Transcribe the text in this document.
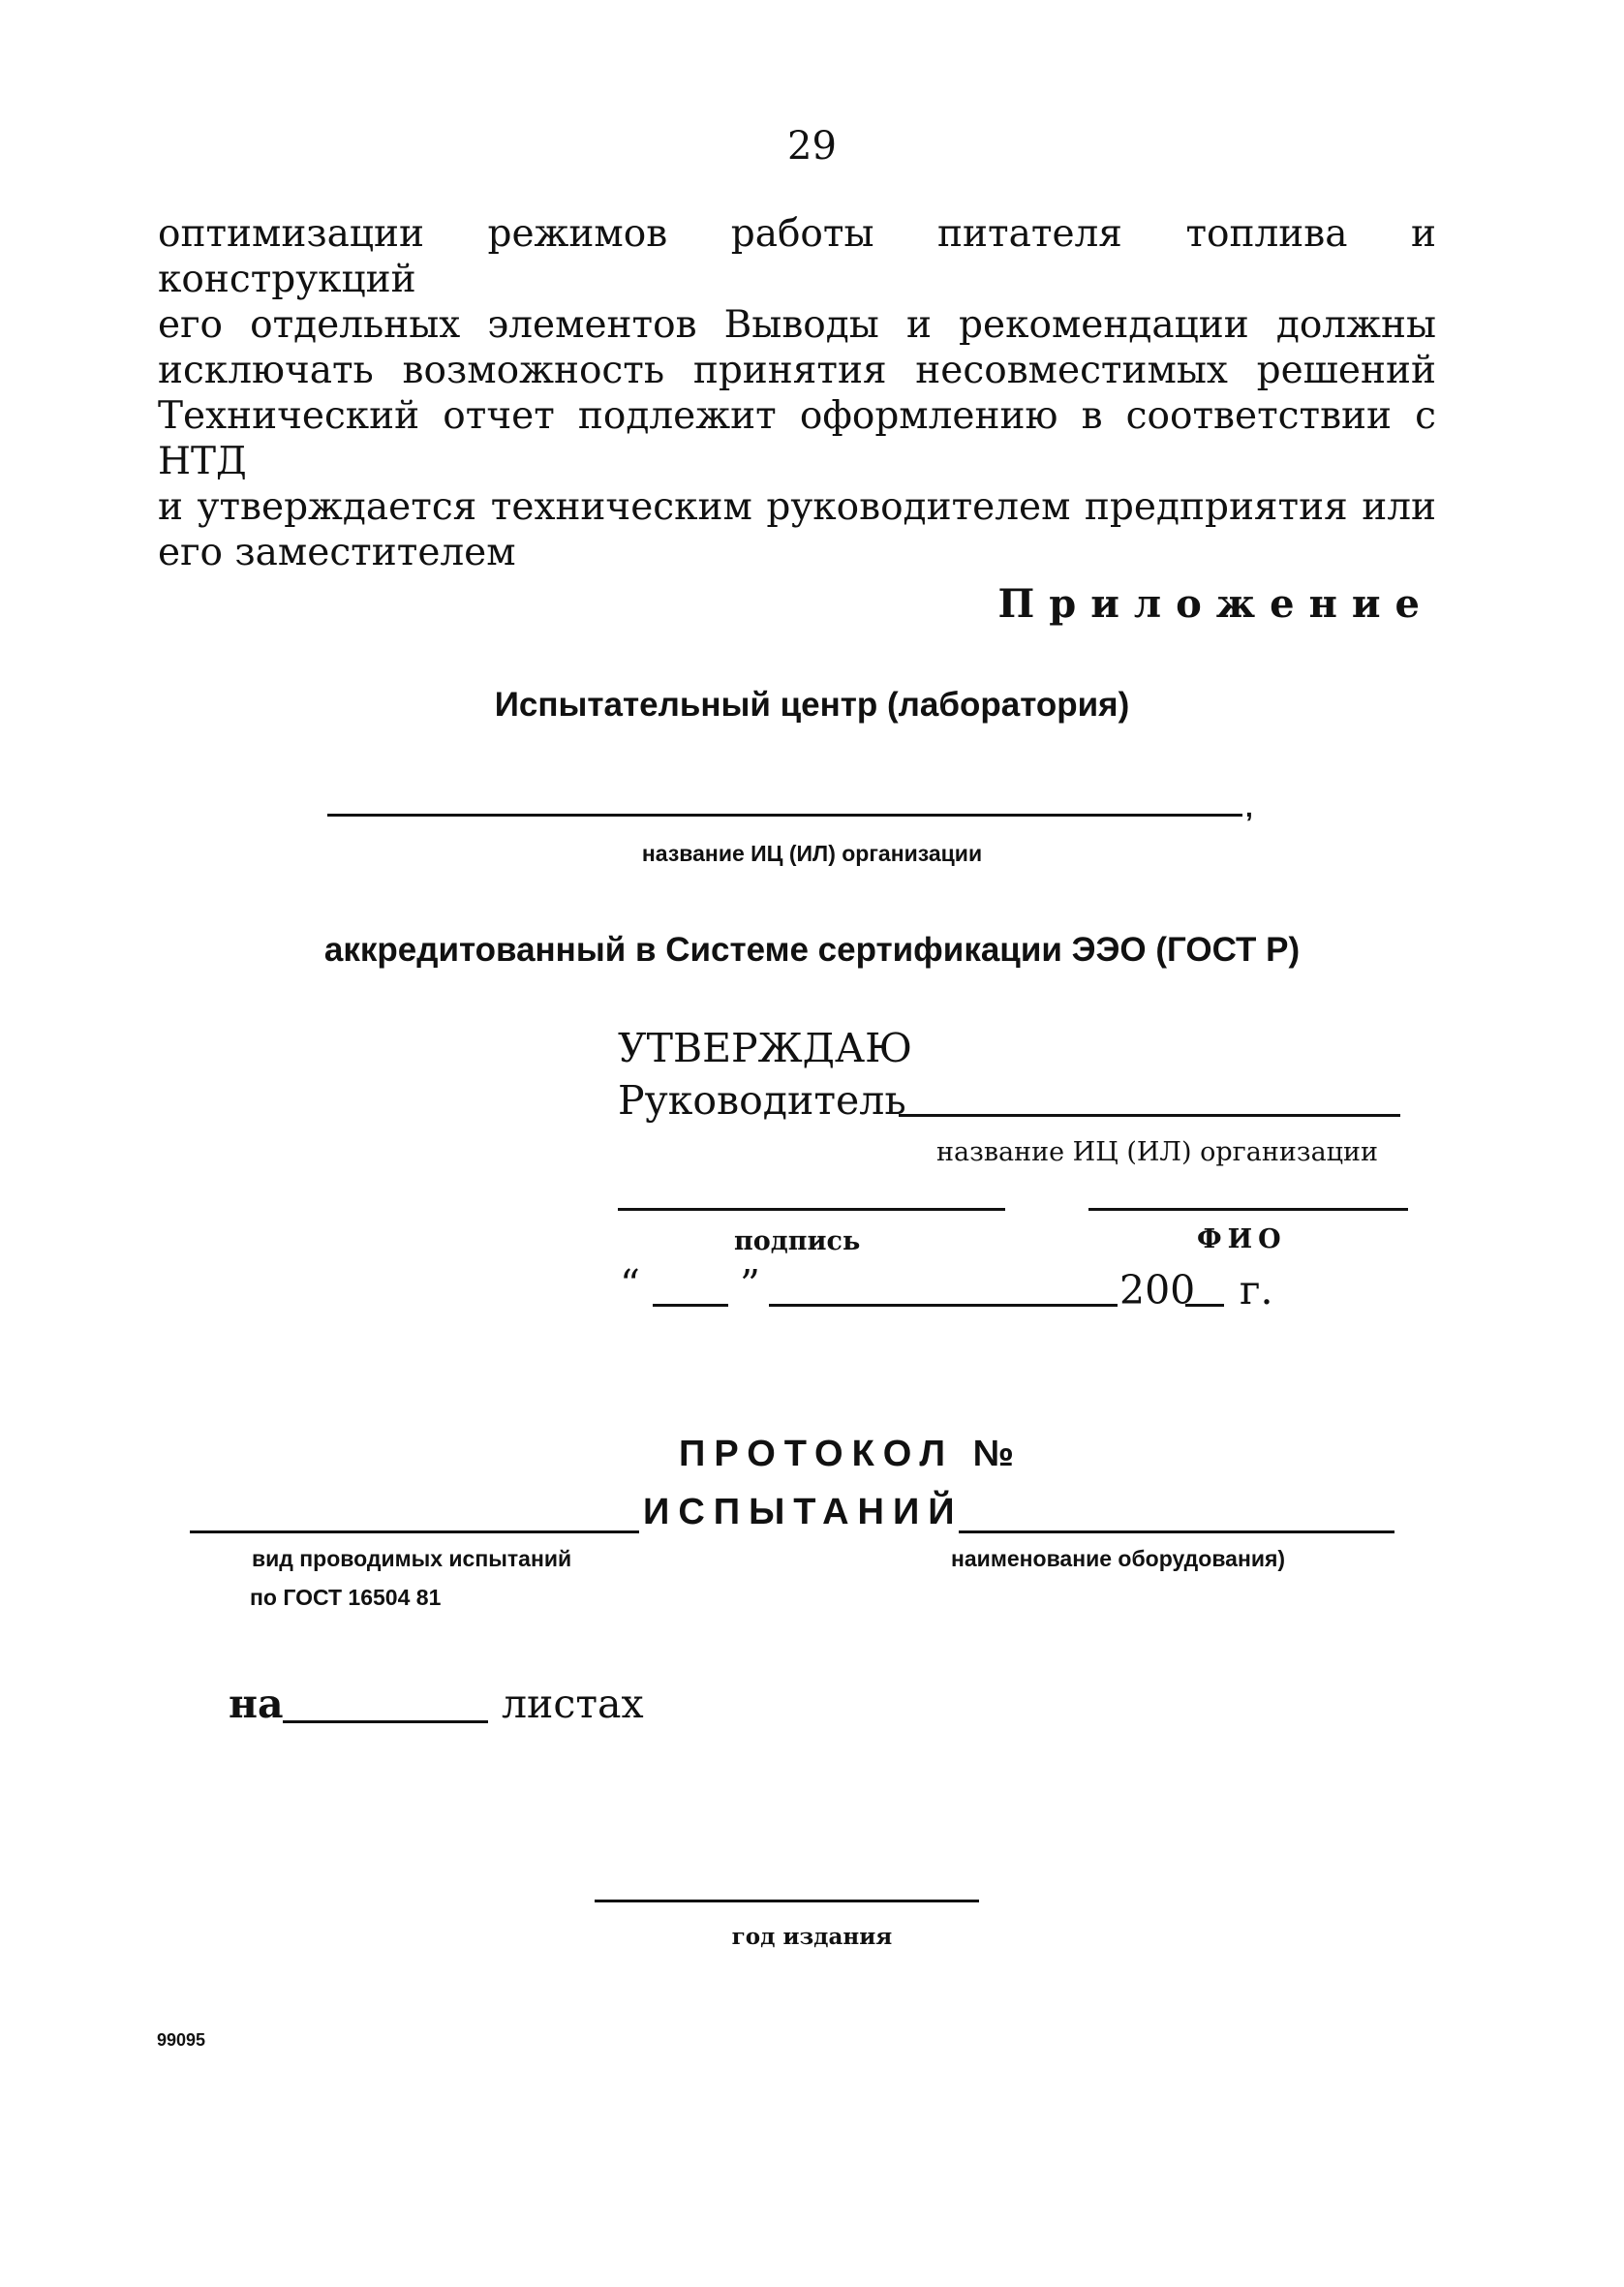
29

оптимизации режимов работы питателя топлива и конструкций

его отдельных элементов Выводы и рекомендации должны

исключать возможность принятия несовместимых решений

Технический отчет подлежит оформлению в соответствии с НТД

и утверждается техническим руководителем предприятия или

его заместителем

Приложение
Испытательный центр (лаборатория)
,
название ИЦ (ИЛ) организации
аккредитованный в Системе сертификации ЭЭО (ГОСТ Р)
УТВЕРЖДАЮ
Руководитель
название ИЦ (ИЛ) организации
подпись	ФИО
“	”	200 г.
ПРОТОКОЛ №
ИСПЫТАНИЙ
вид проводимых испытаний
по ГОСТ 16504 81
наименование оборудования)
на	листах
год издания
99095
